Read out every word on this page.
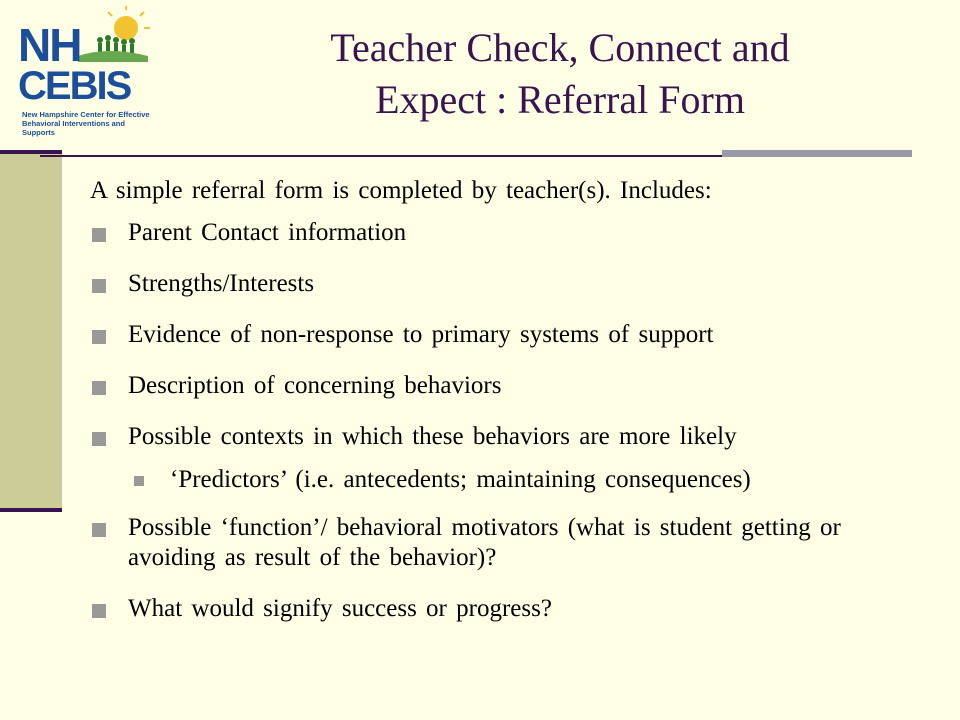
NH
CEBIS
New Hampshire Center for Effective
Behavioral Interventions and Supports
Teacher Check, Connect and
Expect : Referral Form

A simple referral form is completed by teacher(s). Includes:

Parent Contact information
Strengths/Interests
Evidence of non-response to primary systems of support
Description of concerning behaviors
Possible contexts in which these behaviors are more likely
‘Predictors’ (i.e. antecedents; maintaining consequences)
Possible ‘function’/ behavioral motivators (what is student getting or avoiding as result of the behavior)?
What would signify success or progress?
